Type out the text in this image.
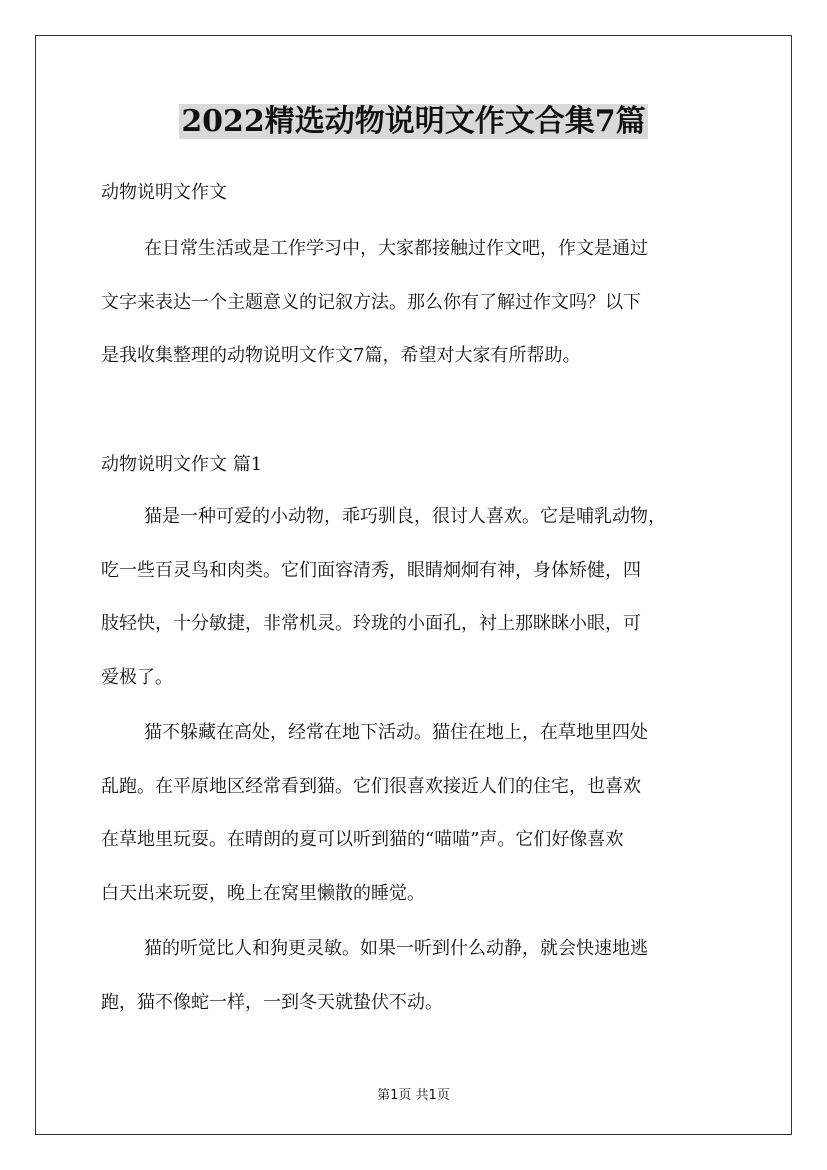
2022精选动物说明文作文合集7篇
动物说明文作文
在日常生活或是工作学习中，大家都接触过作文吧，作文是通过
文字来表达一个主题意义的记叙方法。那么你有了解过作文吗？以下
是我收集整理的动物说明文作文7篇，希望对大家有所帮助。
动物说明文作文 篇1
猫是一种可爱的小动物，乖巧驯良，很讨人喜欢。它是哺乳动物，
吃一些百灵鸟和肉类。它们面容清秀，眼睛炯炯有神，身体矫健，四
肢轻快，十分敏捷，非常机灵。玲珑的小面孔，衬上那眯眯小眼，可
爱极了。
猫不躲藏在高处，经常在地下活动。猫住在地上，在草地里四处
乱跑。在平原地区经常看到猫。它们很喜欢接近人们的住宅，也喜欢
在草地里玩耍。在晴朗的夏可以听到猫的“喵喵”声。它们好像喜欢
白天出来玩耍，晚上在窝里懒散的睡觉。
猫的听觉比人和狗更灵敏。如果一听到什么动静，就会快速地逃
跑，猫不像蛇一样，一到冬天就蛰伏不动。
第1页 共1页
